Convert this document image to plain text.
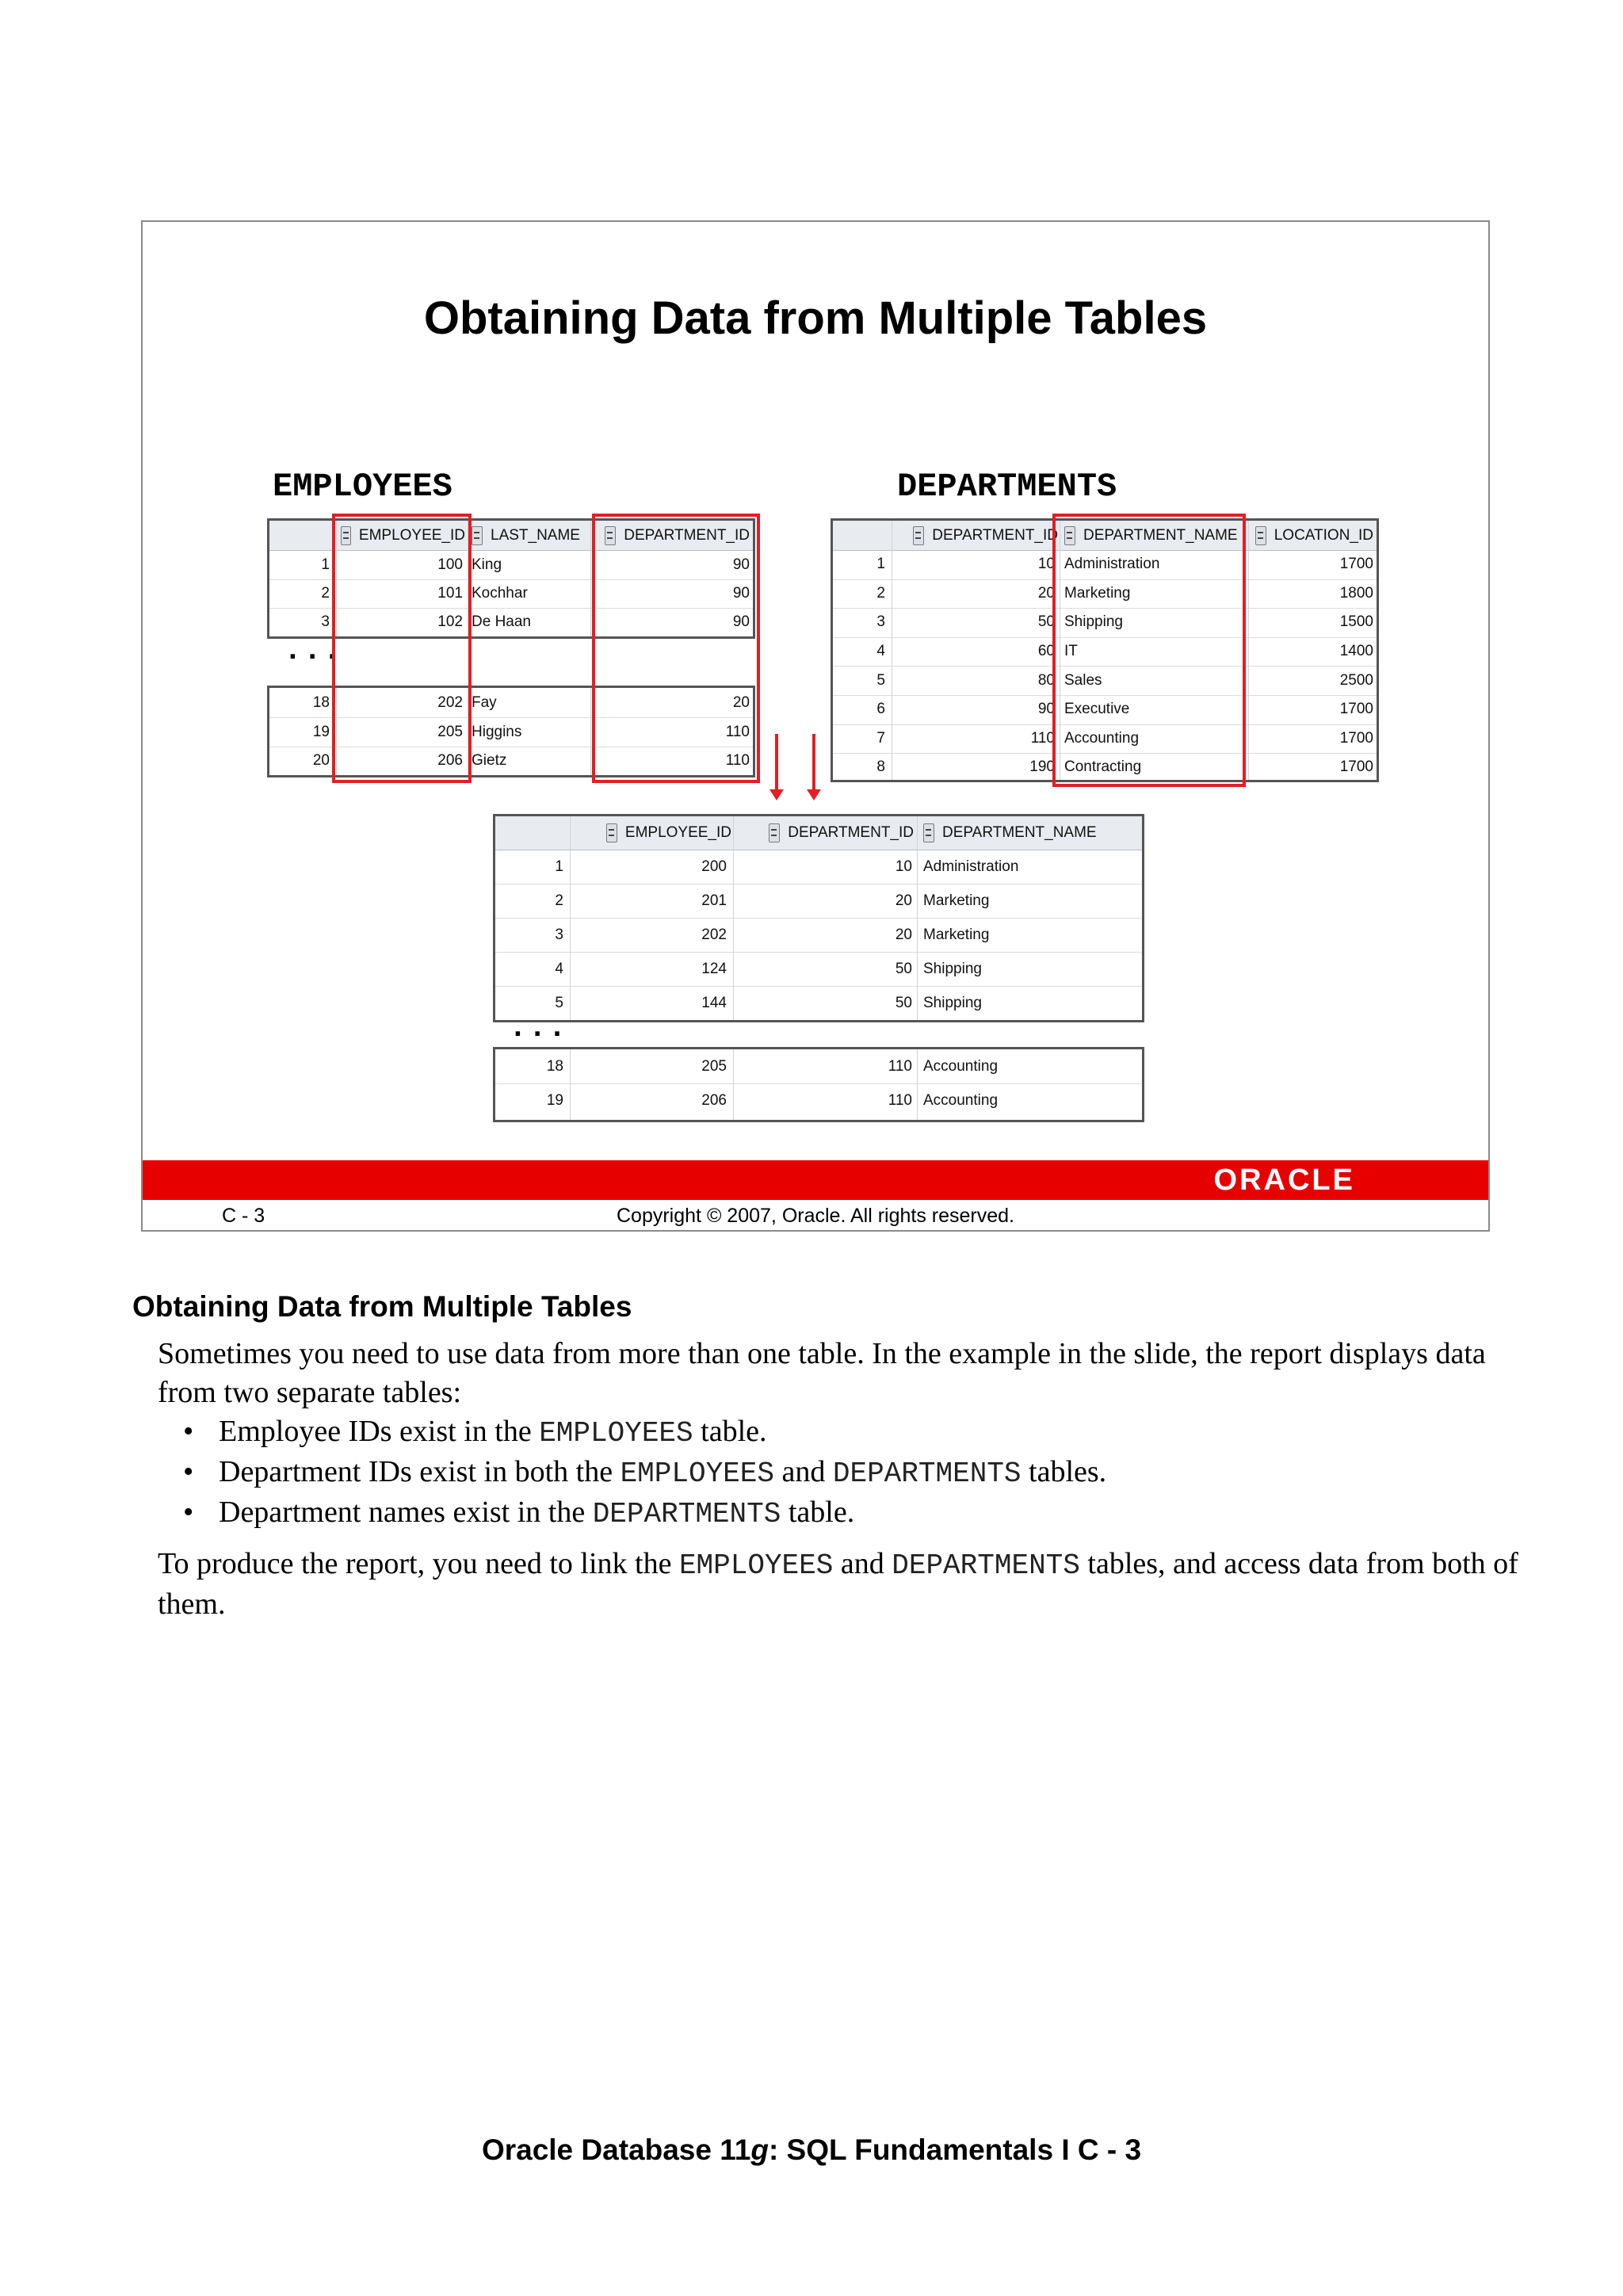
Obtaining Data from Multiple Tables
EMPLOYEES	DEPARTMENTS
EMPLOYEE_ID LAST_NAME	DEPARTMENT_ID
1	100 King	90
2	101 Kochhar	90
3	102 De Haan	90
...
18	202 Fay	20
19	205 Higgins	110
20	206 Gietz	110
DEPARTMENT_ID DEPARTMENT_NAME LOCATION_ID
1	10 Administration	1700
2	20 Marketing	1800
3	50 Shipping	1500
4	60 IT	1400
5	80 Sales	2500
6	90 Executive	1700
7	110 Accounting	1700
8	190 Contracting	1700
EMPLOYEE_ID	DEPARTMENT_ID DEPARTMENT_NAME
1	200	10 Administration
2	201	20 Marketing
3	202	20 Marketing
4	124	50 Shipping
5	144	50 Shipping
...
18	205	110 Accounting
19	206	110 Accounting
ORACLE
C - 3	Copyright © 2007, Oracle. All rights reserved.
Obtaining Data from Multiple Tables

Sometimes you need to use data from more than one table. In the example in the slide, the report displays data from two separate tables:

• Employee IDs exist in the EMPLOYEES table.
• Department IDs exist in both the EMPLOYEES and DEPARTMENTS tables.
• Department names exist in the DEPARTMENTS table.

To produce the report, you need to link the EMPLOYEES and DEPARTMENTS tables, and access data from both of them.

Oracle Database 11g: SQL Fundamentals I C - 3
